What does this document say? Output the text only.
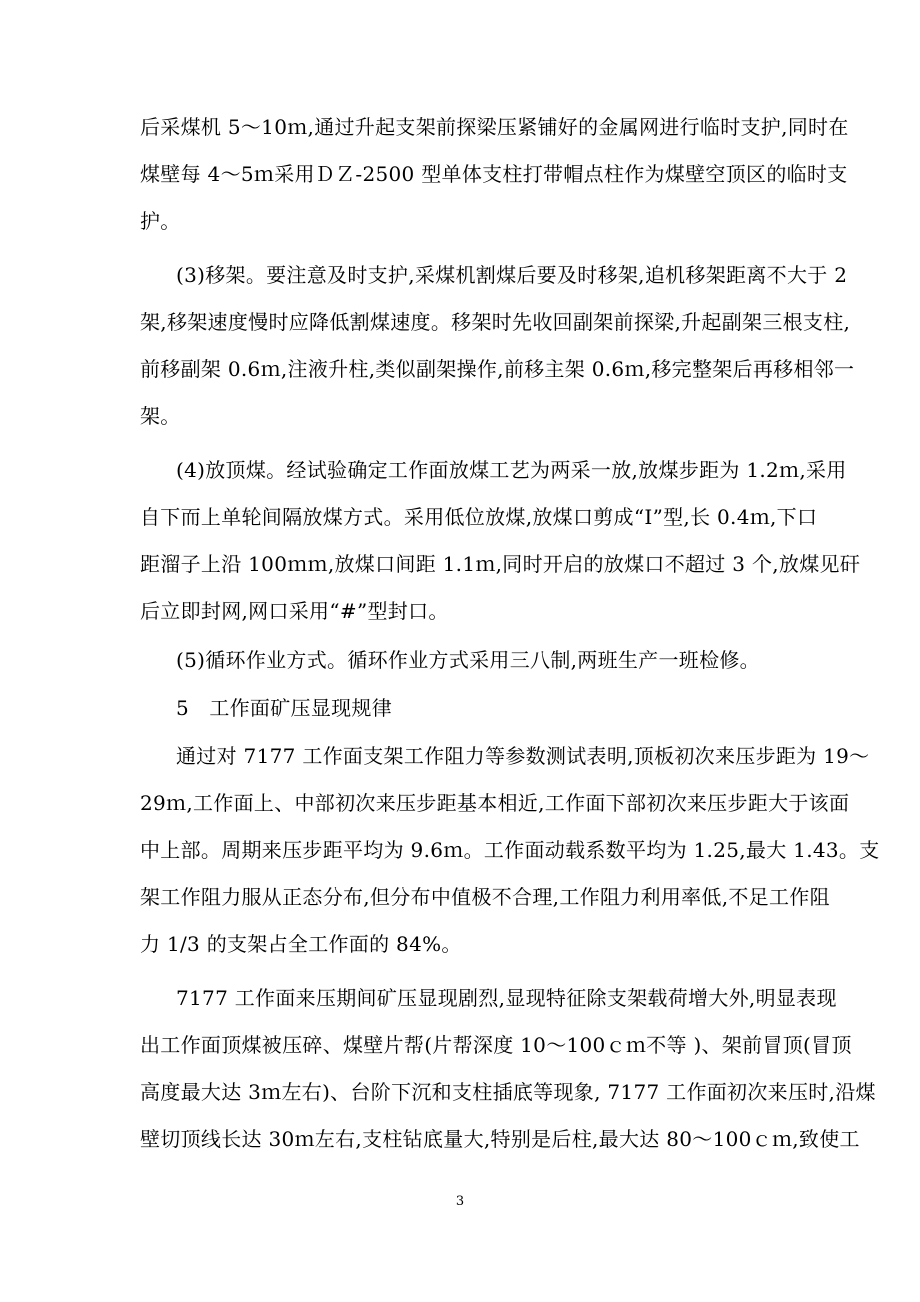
后采煤机 5～10ｍ,通过升起支架前探梁压紧铺好的金属网进行临时支护,同时在
煤壁每 4～5ｍ采用ＤＺ-2500 型单体支柱打带帽点柱作为煤壁空顶区的临时支
护。
(3)移架。要注意及时支护,采煤机割煤后要及时移架,追机移架距离不大于 2
架,移架速度慢时应降低割煤速度。移架时先收回副架前探梁,升起副架三根支柱,
前移副架 0.6ｍ,注液升柱,类似副架操作,前移主架 0.6ｍ,移完整架后再移相邻一
架。
(4)放顶煤。经试验确定工作面放煤工艺为两采一放,放煤步距为 1.2ｍ,采用
自下而上单轮间隔放煤方式。采用低位放煤,放煤口剪成“Ⅰ”型,长 0.4ｍ,下口
距溜子上沿 100ｍｍ,放煤口间距 1.1ｍ,同时开启的放煤口不超过 3 个,放煤见矸
后立即封网,网口采用“#”型封口。
(5)循环作业方式。循环作业方式采用三八制,两班生产一班检修。
5　工作面矿压显现规律
通过对 7177 工作面支架工作阻力等参数测试表明,顶板初次来压步距为 19～
29ｍ,工作面上、中部初次来压步距基本相近,工作面下部初次来压步距大于该面
中上部。周期来压步距平均为 9.6ｍ。工作面动载系数平均为 1.25,最大 1.43。支
架工作阻力服从正态分布,但分布中值极不合理,工作阻力利用率低,不足工作阻
力 1/3 的支架占全工作面的 84%。
7177 工作面来压期间矿压显现剧烈,显现特征除支架载荷增大外,明显表现
出工作面顶煤被压碎、煤壁片帮(片帮深度 10～100ｃｍ不等 )、架前冒顶(冒顶
高度最大达 3ｍ左右)、台阶下沉和支柱插底等现象, 7177 工作面初次来压时,沿煤
壁切顶线长达 30ｍ左右,支柱钻底量大,特别是后柱,最大达 80～100ｃｍ,致使工
3
